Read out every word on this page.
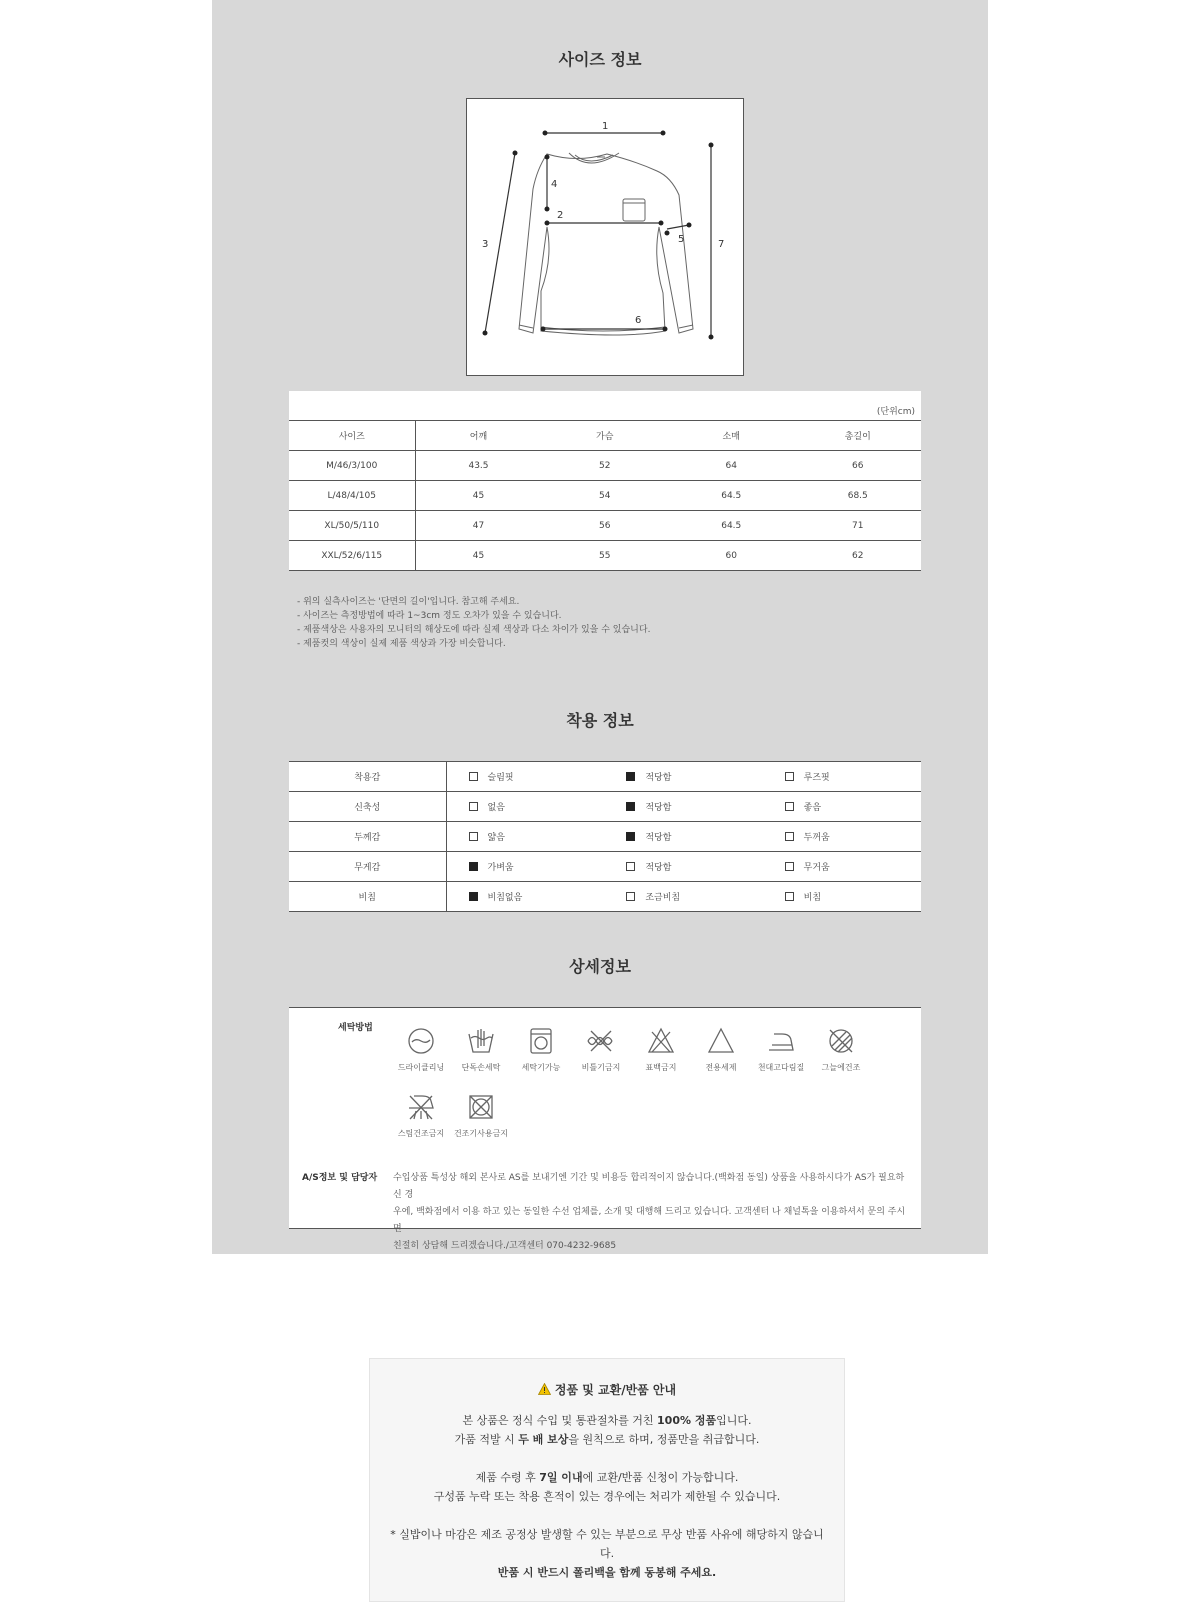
사이즈 정보
1
2
3
4
5
6
7
(단위cm)
사이즈	어깨	가슴	소매	총길이
M/46/3/100	43.5	52	64	66
L/48/4/105	45	54	64.5	68.5
XL/50/5/110	47	56	64.5	71
XXL/52/6/115	45	55	60	62
- 위의 실측사이즈는 '단면의 길이'입니다. 참고해 주세요.
- 사이즈는 측정방법에 따라 1~3cm 정도 오차가 있을 수 있습니다.
- 제품색상은 사용자의 모니터의 해상도에 따라 실제 색상과 다소 차이가 있을 수 있습니다.
- 제품컷의 색상이 실제 제품 색상과 가장 비슷합니다.
착용 정보
착용감	슬림핏	적당함	루즈핏
신축성	없음	적당함	좋음
두께감	얇음	적당함	두꺼움
무게감	가벼움	적당함	무거움
비침	비침없음	조금비침	비침
상세정보
세탁방법
드라이클리닝	단독손세탁	세탁기가능	비틀기금지	표백금지	전용세제	천대고다림질	그늘에건조
스팀건조금지	건조기사용금지
A/S정보 및 담당자 수입상품 특성상 해외 본사로 AS를 보내기엔 기간 및 비용등 합리적이지 않습니다.(백화점 동일) 상품을 사용하시다가 AS가 필요하신 경
우에, 백화점에서 이용 하고 있는 동일한 수선 업체를, 소개 및 대행해 드리고 있습니다. 고객센터 나 채널톡을 이용하셔서 문의 주시면
친절히 상담해 드리겠습니다./고객센터 070-4232-9685
정품 및 교환/반품 안내

본 상품은 정식 수입 및 통관절차를 거친 100% 정품입니다.

가품 적발 시 두 배 보상을 원칙으로 하며, 정품만을 취급합니다.

제품 수령 후 7일 이내에 교환/반품 신청이 가능합니다.

구성품 누락 또는 착용 흔적이 있는 경우에는 처리가 제한될 수 있습니다.

* 실밥이나 마감은 제조 공정상 발생할 수 있는 부분으로 무상 반품 사유에 해당하지 않습니

다.

반품 시 반드시 폴리백을 함께 동봉해 주세요.
